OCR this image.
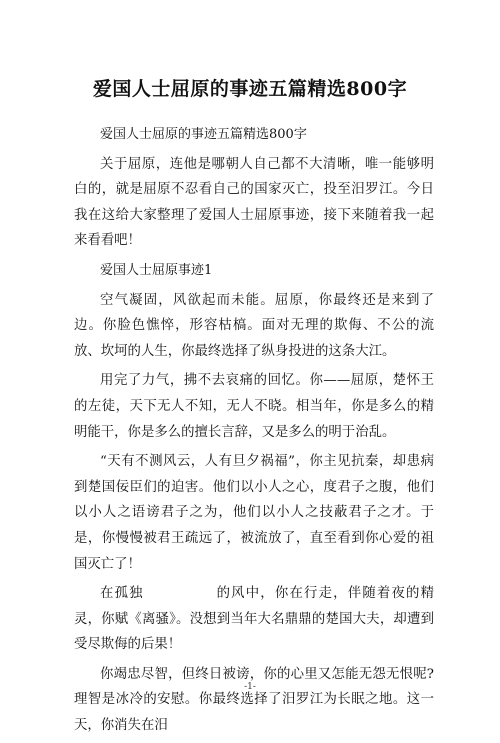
爱国人士屈原的事迹五篇精选800字

爱国人士屈原的事迹五篇精选800字

关于屈原，连他是哪朝人自己都不大清晰，唯一能够明白的，就是屈原不忍看自己的国家灭亡，投至汨罗江。今日我在这给大家整理了爱国人士屈原事迹，接下来随着我一起来看看吧！

爱国人士屈原事迹1

空气凝固，风欲起而未能。屈原，你最终还是来到了边。你脸色憔悴，形容枯槁。面对无理的欺侮、不公的流放、坎坷的人生，你最终选择了纵身投进的这条大江。

用完了力气，拂不去哀痛的回忆。你——屈原，楚怀王的左徒，天下无人不知，无人不晓。相当年，你是多么的精明能干，你是多么的擅长言辞，又是多么的明于治乱。

“天有不测风云，人有旦夕祸福”，你主见抗秦，却患病到楚国佞臣们的迫害。他们以小人之心，度君子之腹，他们以小人之语谤君子之为，他们以小人之技蔽君子之才。于是，你慢慢被君王疏远了，被流放了，直至看到你心爱的祖国灭亡了！

在孤独　　　　　的风中，你在行走，伴随着夜的精灵，你赋《离骚》。没想到当年大名鼎鼎的楚国大夫，却遭到受尽欺侮的后果！

你竭忠尽智，但终日被谤，你的心里又怎能无怨无恨呢?理智是冰冷的安慰。你最终选择了汨罗江为长眠之地。这一天，你消失在汨

-1-
